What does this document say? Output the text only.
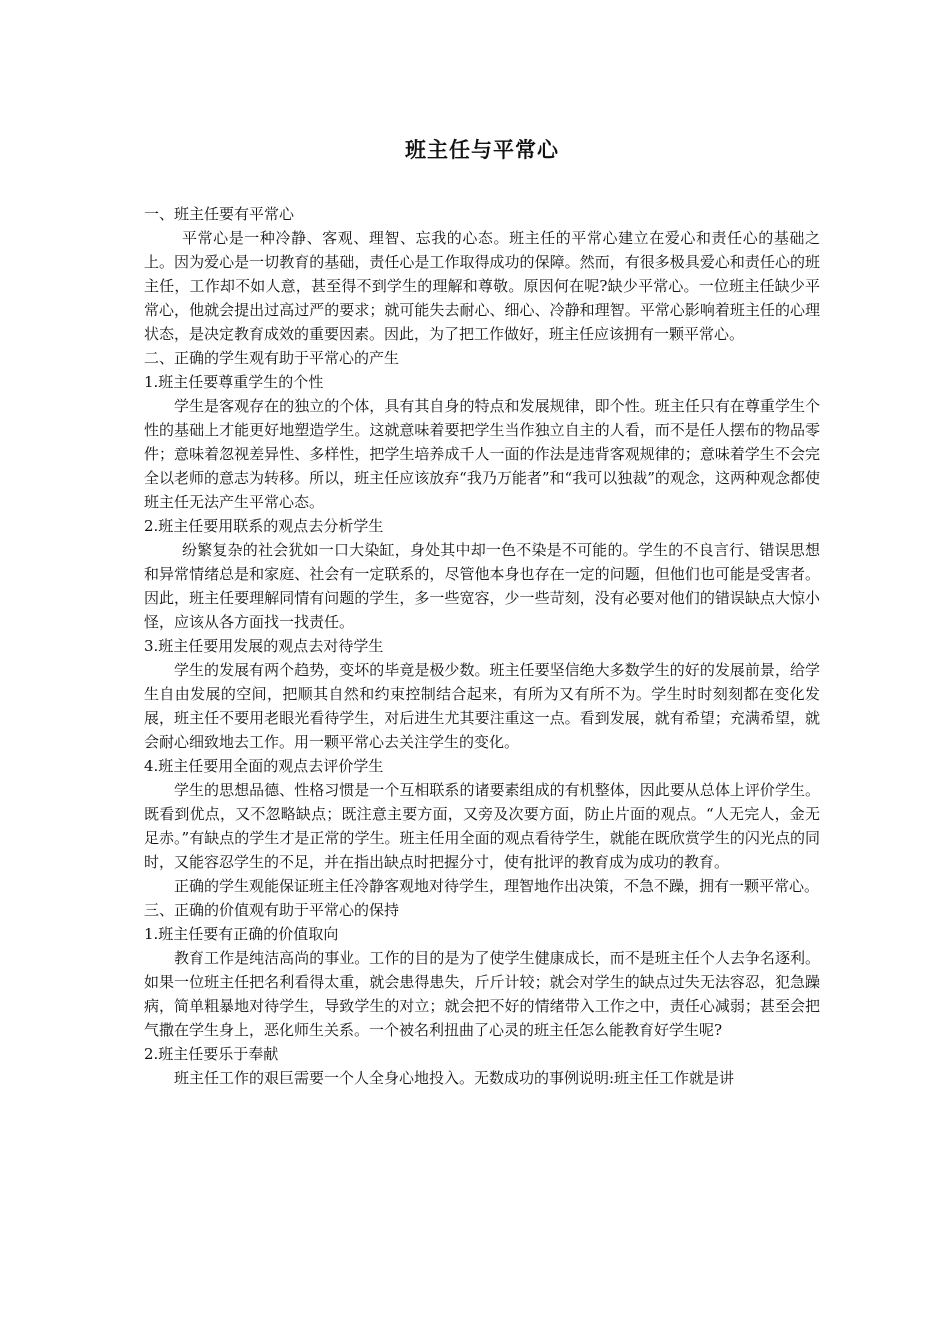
班主任与平常心

一、班主任要有平常心

平常心是一种冷静、客观、理智、忘我的心态。班主任的平常心建立在爱心和责任心的基础之上。因为爱心是一切教育的基础，责任心是工作取得成功的保障。然而，有很多极具爱心和责任心的班主任，工作却不如人意，甚至得不到学生的理解和尊敬。原因何在呢?缺少平常心。一位班主任缺少平常心，他就会提出过高过严的要求；就可能失去耐心、细心、冷静和理智。平常心影响着班主任的心理状态，是决定教育成效的重要因素。因此，为了把工作做好，班主任应该拥有一颗平常心。

二、正确的学生观有助于平常心的产生

1.班主任要尊重学生的个性

学生是客观存在的独立的个体，具有其自身的特点和发展规律，即个性。班主任只有在尊重学生个性的基础上才能更好地塑造学生。这就意味着要把学生当作独立自主的人看，而不是任人摆布的物品零件；意味着忽视差异性、多样性，把学生培养成千人一面的作法是违背客观规律的；意味着学生不会完全以老师的意志为转移。所以，班主任应该放弃“我乃万能者”和“我可以独裁”的观念，这两种观念都使班主任无法产生平常心态。

2.班主任要用联系的观点去分析学生

纷繁复杂的社会犹如一口大染缸，身处其中却一色不染是不可能的。学生的不良言行、错误思想和异常情绪总是和家庭、社会有一定联系的，尽管他本身也存在一定的问题，但他们也可能是受害者。因此，班主任要理解同情有问题的学生，多一些宽容，少一些苛刻，没有必要对他们的错误缺点大惊小怪，应该从各方面找一找责任。

3.班主任要用发展的观点去对待学生

学生的发展有两个趋势，变坏的毕竟是极少数。班主任要坚信绝大多数学生的好的发展前景，给学生自由发展的空间，把顺其自然和约束控制结合起来，有所为又有所不为。学生时时刻刻都在变化发展，班主任不要用老眼光看待学生，对后进生尤其要注重这一点。看到发展，就有希望；充满希望，就会耐心细致地去工作。用一颗平常心去关注学生的变化。

4.班主任要用全面的观点去评价学生

学生的思想品德、性格习惯是一个互相联系的诸要素组成的有机整体，因此要从总体上评价学生。既看到优点，又不忽略缺点；既注意主要方面，又旁及次要方面，防止片面的观点。“人无完人，金无足赤。”有缺点的学生才是正常的学生。班主任用全面的观点看待学生，就能在既欣赏学生的闪光点的同时，又能容忍学生的不足，并在指出缺点时把握分寸，使有批评的教育成为成功的教育。

正确的学生观能保证班主任冷静客观地对待学生，理智地作出决策，不急不躁，拥有一颗平常心。

三、正确的价值观有助于平常心的保持

1.班主任要有正确的价值取向

教育工作是纯洁高尚的事业。工作的目的是为了使学生健康成长，而不是班主任个人去争名逐利。如果一位班主任把名利看得太重，就会患得患失，斤斤计较；就会对学生的缺点过失无法容忍，犯急躁病，简单粗暴地对待学生，导致学生的对立；就会把不好的情绪带入工作之中，责任心减弱；甚至会把气撒在学生身上，恶化师生关系。一个被名利扭曲了心灵的班主任怎么能教育好学生呢?

2.班主任要乐于奉献

班主任工作的艰巨需要一个人全身心地投入。无数成功的事例说明:班主任工作就是讲
